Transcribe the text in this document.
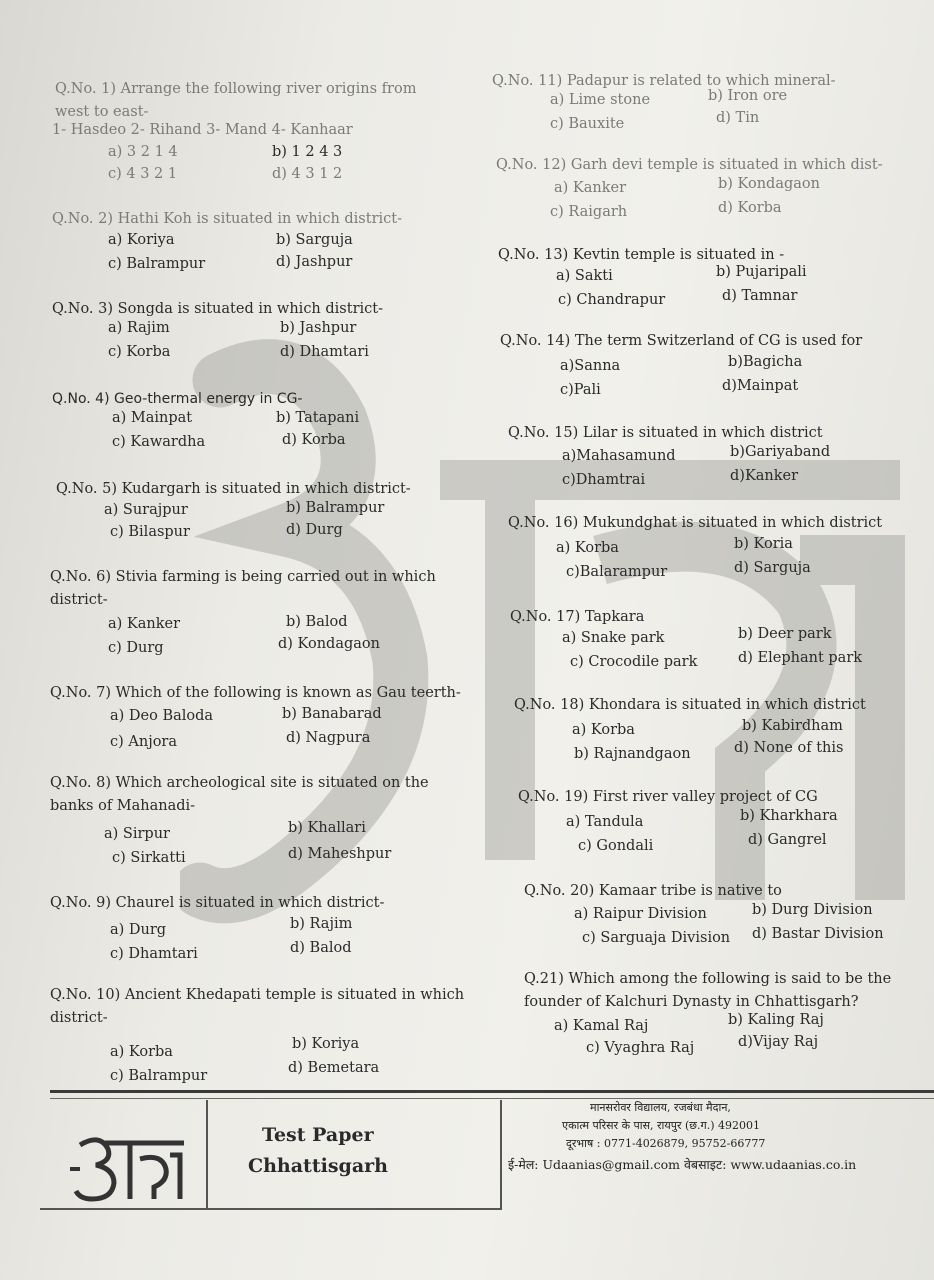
Q.No. 1) Arrange the following river origins from west to east-
1- Hasdeo 2- Rihand 3- Mand 4- Kanhaar
a) 3 2 1 4	b) 1 2 4 3
c) 4 3 2 1	d) 4 3 1 2
Q.No. 2) Hathi Koh is situated in which district-
a) Koriya	b) Sarguja
c) Balrampur	d) Jashpur
Q.No. 3) Songda is situated in which district-
a) Rajim	b) Jashpur
c) Korba	d) Dhamtari
Q.No. 4) Geo-thermal energy in CG-
a) Mainpat	b) Tatapani
c) Kawardha	d) Korba
Q.No. 5) Kudargarh is situated in which district-
a) Surajpur	b) Balrampur
c) Bilaspur	d) Durg
Q.No. 6) Stivia farming is being carried out in which district-
a) Kanker	b) Balod
c) Durg	d) Kondagaon
Q.No. 7) Which of the following is known as Gau teerth-
a) Deo Baloda	b) Banabarad
c) Anjora	d) Nagpura
Q.No. 8) Which archeological site is situated on the banks of Mahanadi-
a) Sirpur	b) Khallari
c) Sirkatti	d) Maheshpur
Q.No. 9) Chaurel is situated in which district-
a) Durg	b) Rajim
c) Dhamtari	d) Balod
Q.No. 10) Ancient Khedapati temple is situated in which district-
a) Korba	b) Koriya
c) Balrampur	d) Bemetara
Q.No. 11) Padapur is related to which mineral-
a) Lime stone	b) Iron ore
c) Bauxite	d) Tin
Q.No. 12) Garh devi temple is situated in which dist-
a) Kanker	b) Kondagaon
c) Raigarh	d) Korba
Q.No. 13) Kevtin temple is situated in -
a) Sakti	b) Pujaripali
c) Chandrapur	d) Tamnar
Q.No. 14) The term Switzerland of CG is used for
a)Sanna	b)Bagicha
c)Pali	d)Mainpat
Q.No. 15) Lilar is situated in which district
a)Mahasamund	b)Gariyaband
c)Dhamtrai	d)Kanker
Q.No. 16) Mukundghat is situated in which district
a) Korba	b) Koria
c)Balarampur	d) Sarguja
Q.No. 17) Tapkara
a) Snake park	b) Deer park
c) Crocodile park	d) Elephant park
Q.No. 18) Khondara is situated in which district
a) Korba	b) Kabirdham
b) Rajnandgaon	d) None of this
Q.No. 19) First river valley project of CG
a) Tandula	b) Kharkhara
c) Gondali	d) Gangrel
Q.No. 20) Kamaar tribe is native to
a) Raipur Division	b) Durg Division
c) Sarguaja Division d) Bastar Division
Q.21) Which among the following is said to be the founder of Kalchuri Dynasty in Chhattisgarh?
a) Kamal Raj	b) Kaling Raj
c) Vyaghra Raj	d)Vijay Raj
Test Paper
Chhattisgarh
मानसरोवर विद्यालय, रजबंधा मैदान,
एकात्म परिसर के पास, रायपुर (छ.ग.) 492001
दूरभाष : 0771-4026879, 95752-66777
ई-मेल: Udaanias@gmail.com वेबसाइट: www.udaanias.co.in
